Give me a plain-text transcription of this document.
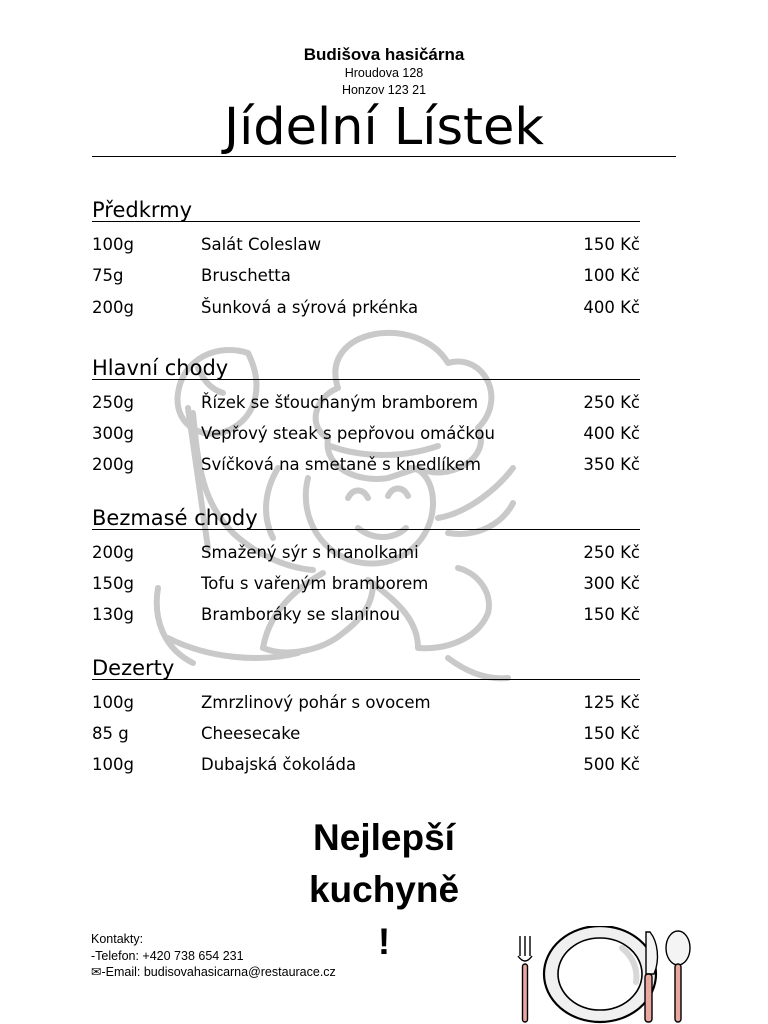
Budišova hasičárna
Hroudova 128
Honzov 123 21
Jídelní Lístek
Předkrmy
100g	Salát Coleslaw	150 Kč
75g	Bruschetta	100 Kč
200g	Šunková a sýrová prkénka	400 Kč
Hlavní chody
250g	Řízek se šťouchaným bramborem	250 Kč
300g	Vepřový steak s pepřovou omáčkou	400 Kč
200g	Svíčková na smetaně s knedlíkem	350 Kč
Bezmasé chody
200g	Smažený sýr s hranolkami	250 Kč
150g	Tofu s vařeným bramborem	300 Kč
130g	Bramboráky se slaninou	150 Kč
Dezerty
100g	Zmrzlinový pohár s ovocem	125 Kč
85 g	Cheesecake	150 Kč
100g	Dubajská čokoláda	500 Kč
Nejlepší
kuchyně
!
Kontakty:
-Telefon: +420 738 654 231
✉-Email: budisovahasicarna@restaurace.cz
